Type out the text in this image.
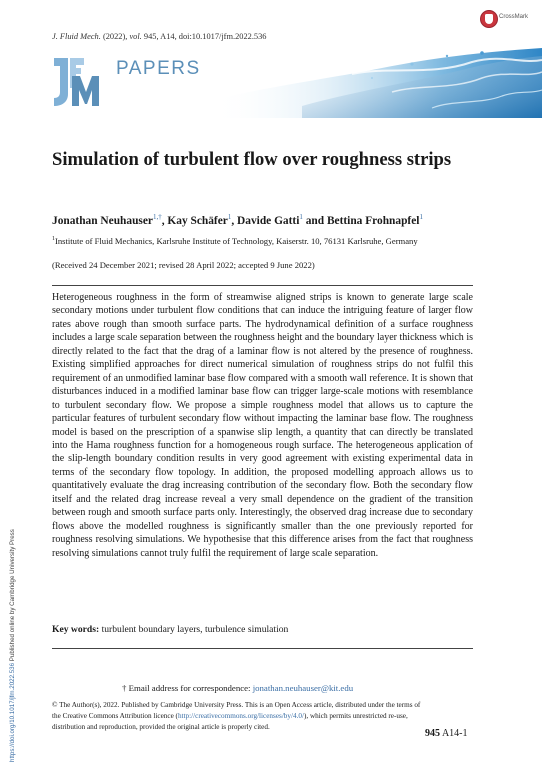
https://doi.org/10.1017/jfm.2022.536 Published online by Cambridge University Press
J. Fluid Mech. (2022), vol. 945, A14, doi:10.1017/jfm.2022.536
CrossMark
PAPERS
Simulation of turbulent flow over roughness strips
Jonathan Neuhauser$^{1,\dagger}$, Kay Schäfer$^1$, Davide Gatti$^1$ and Bettina Frohnapfel$^1$
$^1$Institute of Fluid Mechanics, Karlsruhe Institute of Technology, Kaiserstr. 10, 76131 Karlsruhe, Germany
(Received 24 December 2021; revised 28 April 2022; accepted 9 June 2022)

Heterogeneous roughness in the form of streamwise aligned strips is known to generate large scale secondary motions under turbulent flow conditions that can induce the intriguing feature of larger flow rates above rough than smooth surface parts. The hydrodynamical definition of a surface roughness includes a large scale separation between the roughness height and the boundary layer thickness which is directly related to the fact that the drag of a laminar flow is not altered by the presence of roughness. Existing simplified approaches for direct numerical simulation of roughness strips do not fulfil this requirement of an unmodified laminar base flow compared with a smooth wall reference. It is shown that disturbances induced in a modified laminar base flow can trigger large-scale motions with resemblance to turbulent secondary flow. We propose a simple roughness model that allows us to capture the particular features of turbulent secondary flow without impacting the laminar base flow. The roughness model is based on the prescription of a spanwise slip length, a quantity that can directly be translated into the Hama roughness function for a homogeneous rough surface. The heterogeneous application of the slip-length boundary condition results in very good agreement with existing experimental data in terms of the secondary flow topology. In addition, the proposed modelling approach allows us to quantitatively evaluate the drag increasing contribution of the secondary flow. Both the secondary flow itself and the related drag increase reveal a very small dependence on the gradient of the transition between rough and smooth surface parts only. Interestingly, the observed drag increase due to secondary flows above the modelled roughness is significantly smaller than the one previously reported for roughness resolving simulations. We hypothesise that this difference arises from the fact that roughness resolving simulations cannot truly fulfil the requirement of large scale separation.

Key words: turbulent boundary layers, turbulence simulation
† Email address for correspondence: jonathan.neuhauser@kit.edu

© The Author(s), 2022. Published by Cambridge University Press. This is an Open Access article, distributed under the terms of the Creative Commons Attribution licence (http://creativecommons.org/licenses/by/4.0/), which permits unrestricted re-use, distribution and reproduction, provided the original article is properly cited.

945 A14-1
